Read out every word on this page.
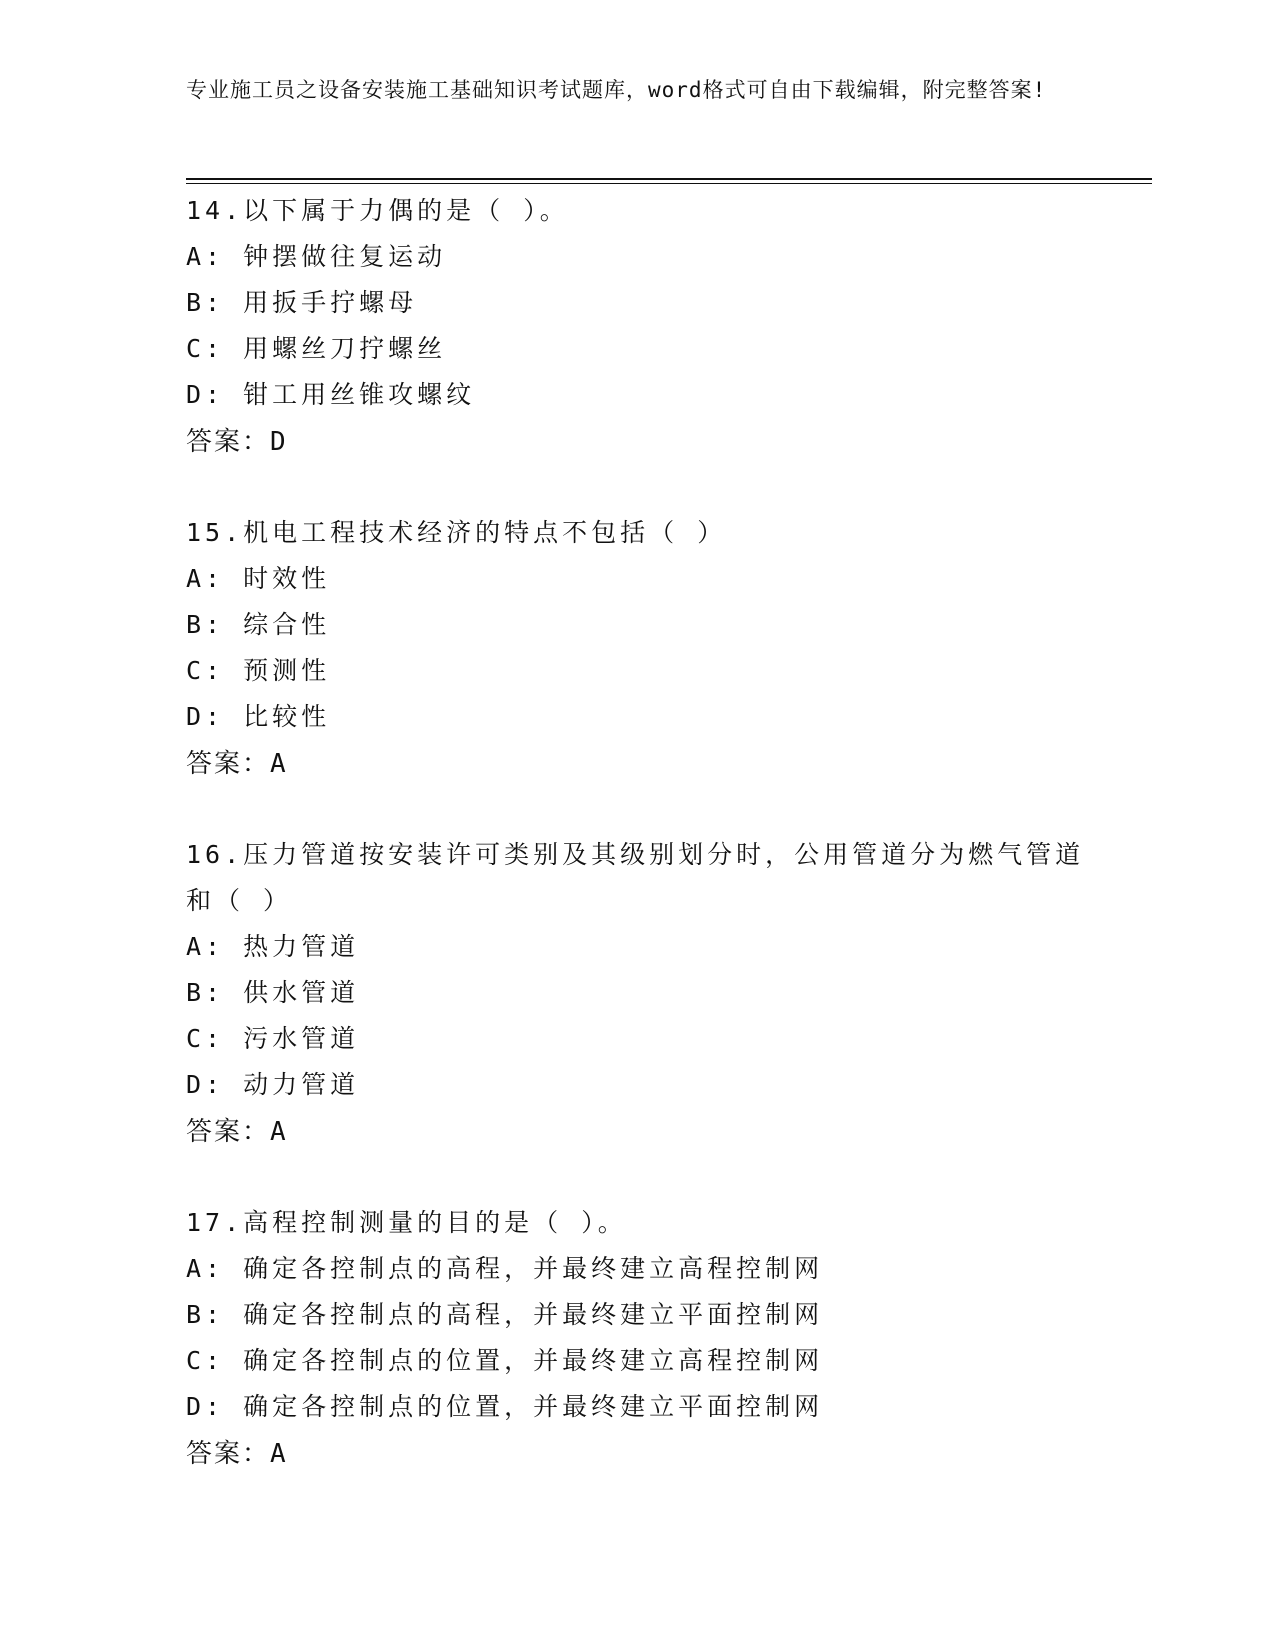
专业施工员之设备安装施工基础知识考试题库，word格式可自由下载编辑，附完整答案!
14.以下属于力偶的是（ ）。
A: 钟摆做往复运动
B: 用扳手拧螺母
C: 用螺丝刀拧螺丝
D: 钳工用丝锥攻螺纹
答案：D
15.机电工程技术经济的特点不包括（ ）
A: 时效性
B: 综合性
C: 预测性
D: 比较性
答案：A
16.压力管道按安装许可类别及其级别划分时，公用管道分为燃气管道和（ ）
A: 热力管道
B: 供水管道
C: 污水管道
D: 动力管道
答案：A
17.高程控制测量的目的是（ ）。
A: 确定各控制点的高程，并最终建立高程控制网
B: 确定各控制点的高程，并最终建立平面控制网
C: 确定各控制点的位置，并最终建立高程控制网
D: 确定各控制点的位置，并最终建立平面控制网
答案：A
